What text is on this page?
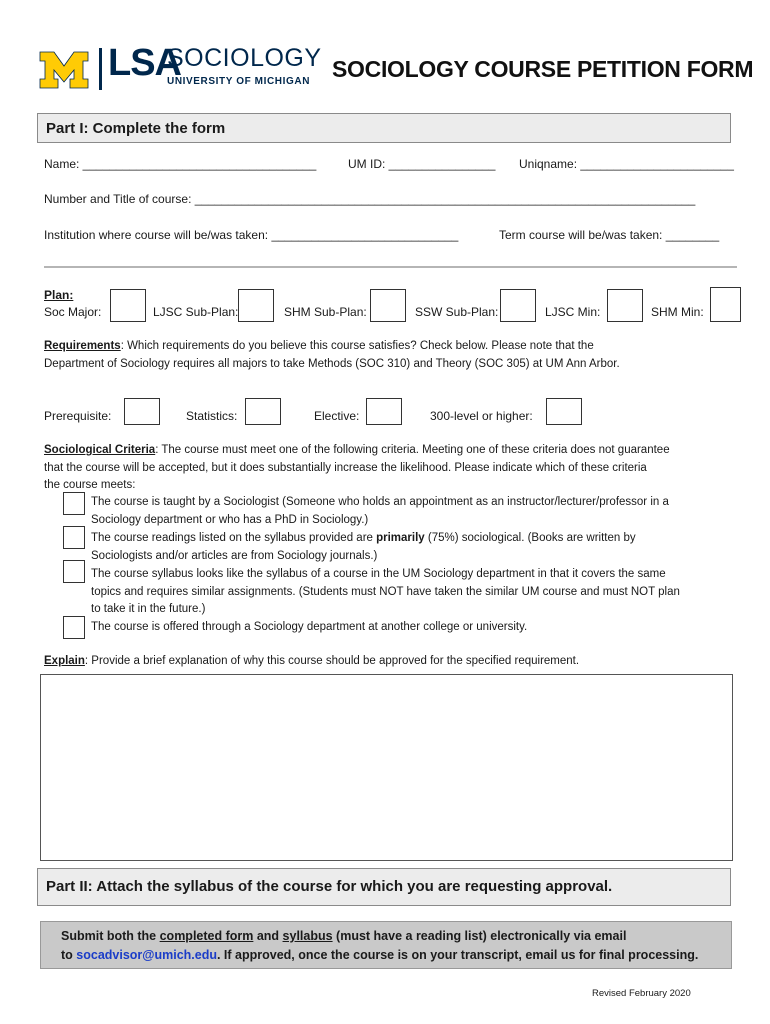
LSA
SOCIOLOGY
UNIVERSITY OF MICHIGAN SOCIOLOGY COURSE PETITION FORM
Part I: Complete the form
Name: ___________________________________	UM ID: ________________ Uniqname: _______________________
Number and Title of course: ___________________________________________________________________________
Institution where course will be/was taken: ____________________________	Term course will be/was taken: ________
Plan:
Soc Major:	LJSC Sub-Plan:	SHM Sub-Plan:	SSW Sub-Plan:	LJSC Min:	SHM Min:
Requirements: Which requirements do you believe this course satisfies? Check below. Please note that the
Department of Sociology requires all majors to take Methods (SOC 310) and Theory (SOC 305) at UM Ann Arbor.
Prerequisite:	Statistics:	Elective:	300-level or higher:
Sociological Criteria: The course must meet one of the following criteria. Meeting one of these criteria does not guarantee
that the course will be accepted, but it does substantially increase the likelihood. Please indicate which of these criteria
the course meets:
The course is taught by a Sociologist (Someone who holds an appointment as an instructor/lecturer/professor in a
Sociology department or who has a PhD in Sociology.)
The course readings listed on the syllabus provided are primarily (75%) sociological. (Books are written by
Sociologists and/or articles are from Sociology journals.)
The course syllabus looks like the syllabus of a course in the UM Sociology department in that it covers the same
topics and requires similar assignments. (Students must NOT have taken the similar UM course and must NOT plan
to take it in the future.)
The course is offered through a Sociology department at another college or university.
Explain: Provide a brief explanation of why this course should be approved for the specified requirement.
Part II: Attach the syllabus of the course for which you are requesting approval.
Submit both the completed form and syllabus (must have a reading list) electronically via email
to socadvisor@umich.edu. If approved, once the course is on your transcript, email us for final processing.
Revised February 2020
